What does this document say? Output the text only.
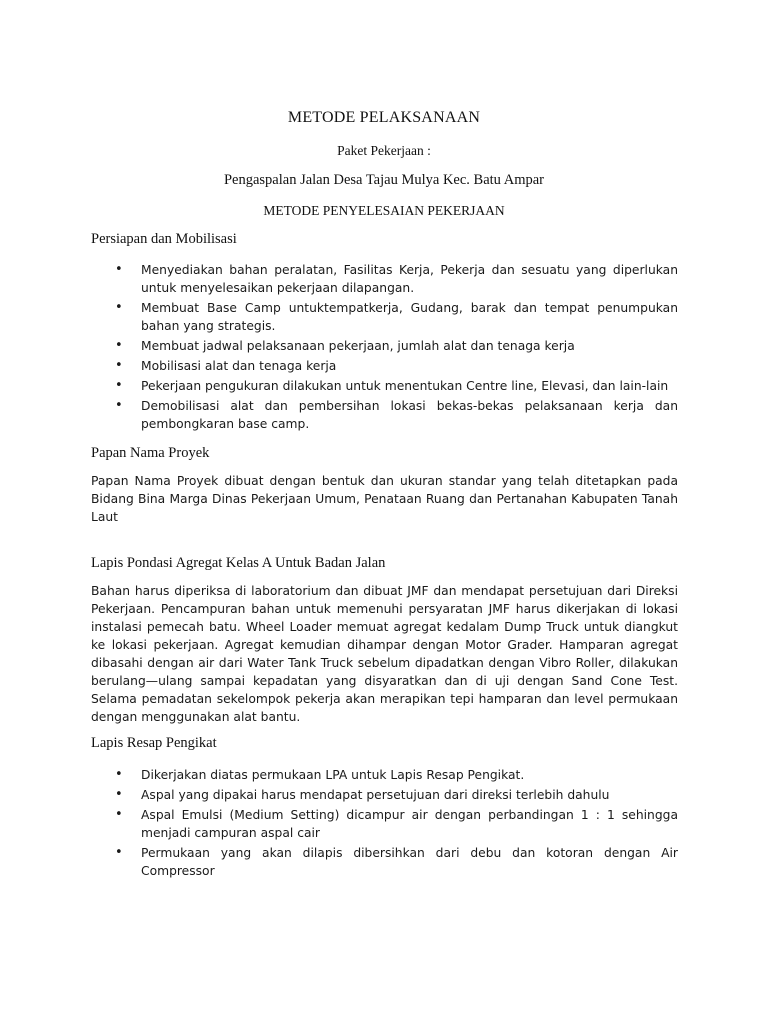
METODE PELAKSANAAN
Paket Pekerjaan :
Pengaspalan Jalan Desa Tajau Mulya Kec. Batu Ampar
METODE PENYELESAIAN PEKERJAAN

Persiapan dan Mobilisasi

• Menyediakan bahan peralatan, Fasilitas Kerja, Pekerja dan sesuatu yang diperlukan untuk menyelesaikan pekerjaan dilapangan.
• Membuat Base Camp untuktempatkerja, Gudang, barak dan tempat penumpukan bahan yang strategis.
• Membuat jadwal pelaksanaan pekerjaan, jumlah alat dan tenaga kerja
• Mobilisasi alat dan tenaga kerja
• Pekerjaan pengukuran dilakukan untuk menentukan Centre line, Elevasi, dan lain-lain
• Demobilisasi alat dan pembersihan lokasi bekas-bekas pelaksanaan kerja dan pembongkaran base camp.

Papan Nama Proyek

Papan Nama Proyek dibuat dengan bentuk dan ukuran standar yang telah ditetapkan pada Bidang Bina Marga Dinas Pekerjaan Umum, Penataan Ruang dan Pertanahan Kabupaten Tanah Laut

Lapis Pondasi Agregat Kelas A Untuk Badan Jalan

Bahan harus diperiksa di laboratorium dan dibuat JMF dan mendapat persetujuan dari Direksi Pekerjaan. Pencampuran bahan untuk memenuhi persyaratan JMF harus dikerjakan di lokasi instalasi pemecah batu. Wheel Loader memuat agregat kedalam Dump Truck untuk diangkut ke lokasi pekerjaan. Agregat kemudian dihampar dengan Motor Grader. Hamparan agregat dibasahi dengan air dari Water Tank Truck sebelum dipadatkan dengan Vibro Roller, dilakukan berulang—ulang sampai kepadatan yang disyaratkan dan di uji dengan Sand Cone Test. Selama pemadatan sekelompok pekerja akan merapikan tepi hamparan dan level permukaan dengan menggunakan alat bantu.

Lapis Resap Pengikat

• Dikerjakan diatas permukaan LPA untuk Lapis Resap Pengikat.
• Aspal yang dipakai harus mendapat persetujuan dari direksi terlebih dahulu
• Aspal Emulsi (Medium Setting) dicampur air dengan perbandingan 1 : 1 sehingga menjadi campuran aspal cair
• Permukaan yang akan dilapis dibersihkan dari debu dan kotoran dengan Air Compressor
